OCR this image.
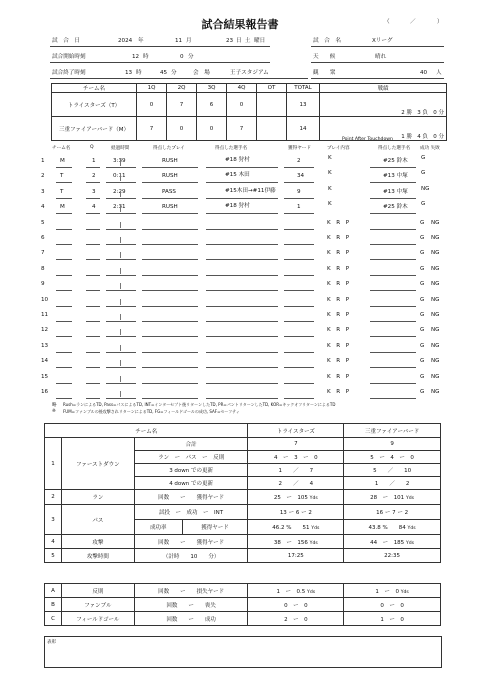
試合結果報告書	（	／	）
試　合　日	2024 年	11 月	23 日 土 曜日	試　合　名	Xリーグ
試合開始時刻	12 時	0 分	天　　候	晴れ
試合終了時刻	13 時	45 分	会　場	王子スタジアム	観　　衆	40 人
チーム名	1Q	2Q	3Q	4Q	OT	TOTAL	戦績
トライスターズ（T）	0	7	6	0		13	2 勝 3 負 0 分
三重ファイアーバード（M）	7	0	0	7		14	1 勝 4 負 0 分
Point After Touchdown
チーム名	Q	経過時間	得点したプレイ	得点した選手名	獲得ヤード	プレイ内容	得点した選手名 成功 失敗
1	M	1	3:39	RUSH	#18 狩村	2	K	#25 鈴木 G
2	T	2	0:11	RUSH	#15 木田	34	K	#13 中塚 G
3	T	3	2:29	PASS	#15木田→#11伊藤	9	K	#13 中塚 NG
4	M	4	2:31	RUSH	#18 狩村	1	K	#25 鈴木 G
5	K　R　P	G NG
6	K　R　P	G NG
7	K　R　P	G NG
8	K　R　P	G NG
9	K　R　P	G NG
10	K　R　P	G NG
11	K　R　P	G NG
12	K　R　P	G NG
13	K　R　P	G NG
14	K　R　P	G NG
15	K　R　P	G NG
16	K　R　P	G NG
略 Rush=ランによるTD, Pass=パスによるTD, INT=インターセプト後リターンしたTD, PR=パントリターンしたTD, KOR=キックオフリターンによるTD
※ FUM=ファンブルの後攻撃されリターンによるTD, FG=フィールドゴールの成功, SAF=セーフティ
チーム名				トライスターズ	三重ファイアーバード
1	ファーストダウン	合計		7	9
		ラン　ー　パス　ー　反則		4　 ー　 3　 ー　 0	5　 ー　 4　 ー　 0
		3 down での更新		1　　 ／　　 7	5　　 ／　　 10
		4 down での更新		2　　 ／　　 4	1　　 ／　　 2
2	ラン	回数　　ー　　獲得ヤード		25　 ー　 105 Yds	28　 ー　 101 Yds
3	パス	試投　ー　成功　ー　INT		13 ー 6 ー 2	16 ー 7 ー 2
		成功率	獲得ヤード	46.2 %　　 51 Yds	43.8 %　　 84 Yds
4	攻撃	回数　　ー　　獲得ヤード		38　 ー　 156 Yds	44　 ー　 185 Yds
5	攻撃時間	（計時　　10　　分）		17:25	22:35
A	反則	回数　　ー　　損失ヤード	1　 ー　 0.5 Yds	1　 ー　 0 Yds
B	ファンブル	回数　　ー　　喪失	0　 ー　 0	0　 ー　 0
C	フィールドゴール	回数　　ー　　成功	2　 ー　 0	1　 ー　 0
表彰
